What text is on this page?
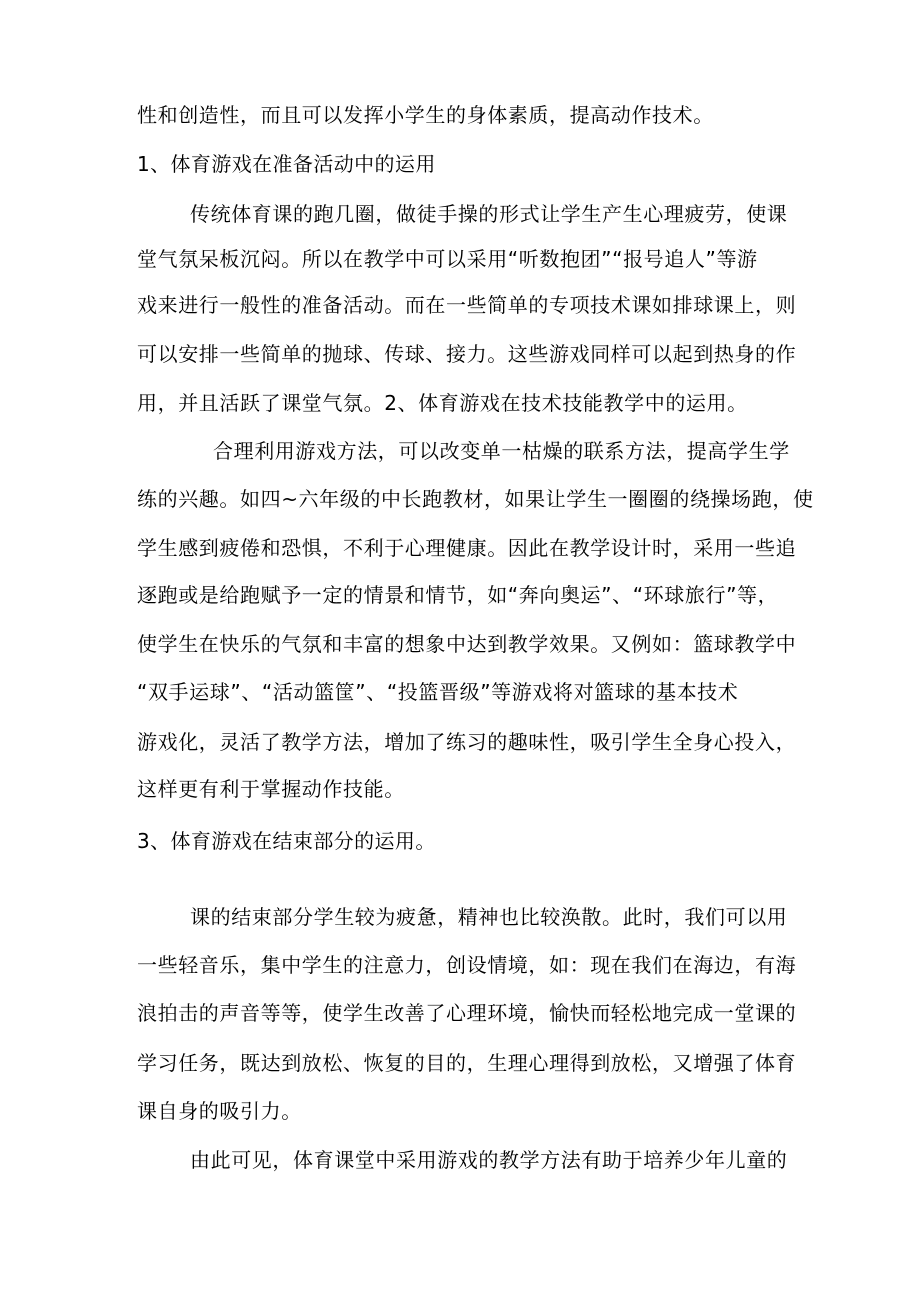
性和创造性，而且可以发挥小学生的身体素质，提高动作技术。
1、体育游戏在准备活动中的运用
传统体育课的跑几圈，做徒手操的形式让学生产生心理疲劳，使课
堂气氛呆板沉闷。所以在教学中可以采用“听数抱团”“报号追人”等游
戏来进行一般性的准备活动。而在一些简单的专项技术课如排球课上，则
可以安排一些简单的抛球、传球、接力。这些游戏同样可以起到热身的作
用，并且活跃了课堂气氛。2、体育游戏在技术技能教学中的运用。
合理利用游戏方法，可以改变单一枯燥的联系方法，提高学生学
练的兴趣。如四~六年级的中长跑教材，如果让学生一圈圈的绕操场跑，使
学生感到疲倦和恐惧，不利于心理健康。因此在教学设计时，采用一些追
逐跑或是给跑赋予一定的情景和情节，如“奔向奥运”、“环球旅行”等，
使学生在快乐的气氛和丰富的想象中达到教学效果。又例如：篮球教学中
“双手运球”、“活动篮筐”、“投篮晋级”等游戏将对篮球的基本技术
游戏化，灵活了教学方法，增加了练习的趣味性，吸引学生全身心投入，
这样更有利于掌握动作技能。
3、体育游戏在结束部分的运用。
课的结束部分学生较为疲惫，精神也比较涣散。此时，我们可以用
一些轻音乐，集中学生的注意力，创设情境，如：现在我们在海边，有海
浪拍击的声音等等，使学生改善了心理环境，愉快而轻松地完成一堂课的
学习任务，既达到放松、恢复的目的，生理心理得到放松，又增强了体育
课自身的吸引力。
由此可见，体育课堂中采用游戏的教学方法有助于培养少年儿童的
